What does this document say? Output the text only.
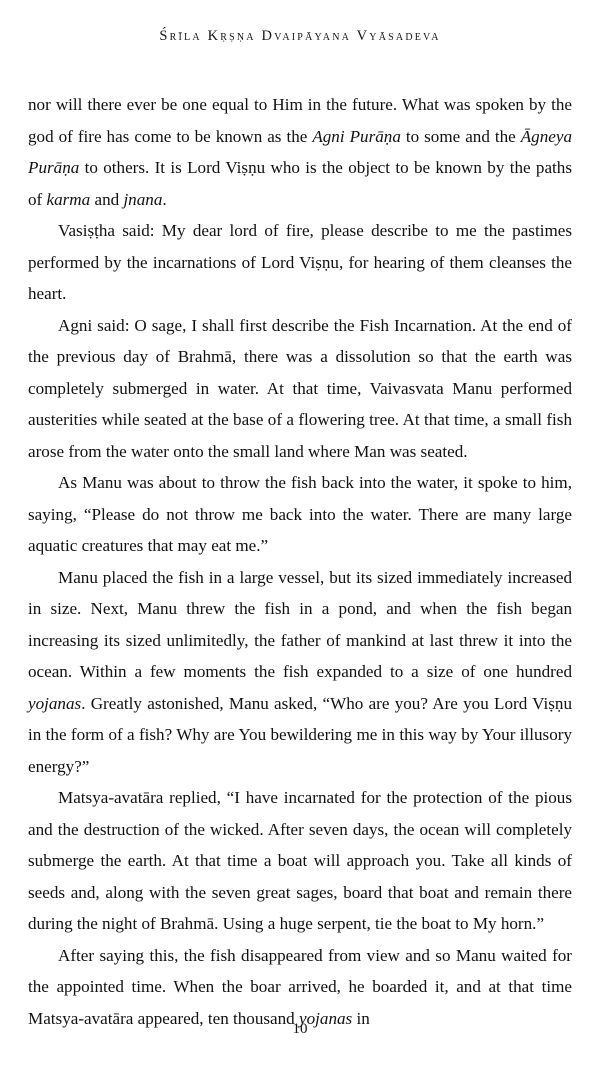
Śrīla Kṛṣṇa Dvaipāyana Vyāsadeva

nor will there ever be one equal to Him in the future. What was spoken by the god of fire has come to be known as the Agni Purāṇa to some and the Āgneya Purāṇa to others. It is Lord Viṣṇu who is the object to be known by the paths of karma and jnana.

Vasiṣṭha said: My dear lord of fire, please describe to me the pastimes performed by the incarnations of Lord Viṣṇu, for hearing of them cleanses the heart.

Agni said: O sage, I shall first describe the Fish Incarnation. At the end of the previous day of Brahmā, there was a dissolution so that the earth was completely submerged in water. At that time, Vaivasvata Manu performed austerities while seated at the base of a flowering tree. At that time, a small fish arose from the water onto the small land where Man was seated.

As Manu was about to throw the fish back into the water, it spoke to him, saying, “Please do not throw me back into the water. There are many large aquatic creatures that may eat me.”

Manu placed the fish in a large vessel, but its sized immediately increased in size. Next, Manu threw the fish in a pond, and when the fish began increasing its sized unlimitedly, the father of mankind at last threw it into the ocean. Within a few moments the fish expanded to a size of one hundred yojanas. Greatly astonished, Manu asked, “Who are you? Are you Lord Viṣṇu in the form of a fish? Why are You bewildering me in this way by Your illusory energy?”

Matsya-avatāra replied, “I have incarnated for the protection of the pious and the destruction of the wicked. After seven days, the ocean will completely submerge the earth. At that time a boat will approach you. Take all kinds of seeds and, along with the seven great sages, board that boat and remain there during the night of Brahmā. Using a huge serpent, tie the boat to My horn.”

After saying this, the fish disappeared from view and so Manu waited for the appointed time. When the boar arrived, he boarded it, and at that time Matsya-avatāra appeared, ten thousand yojanas in

10
